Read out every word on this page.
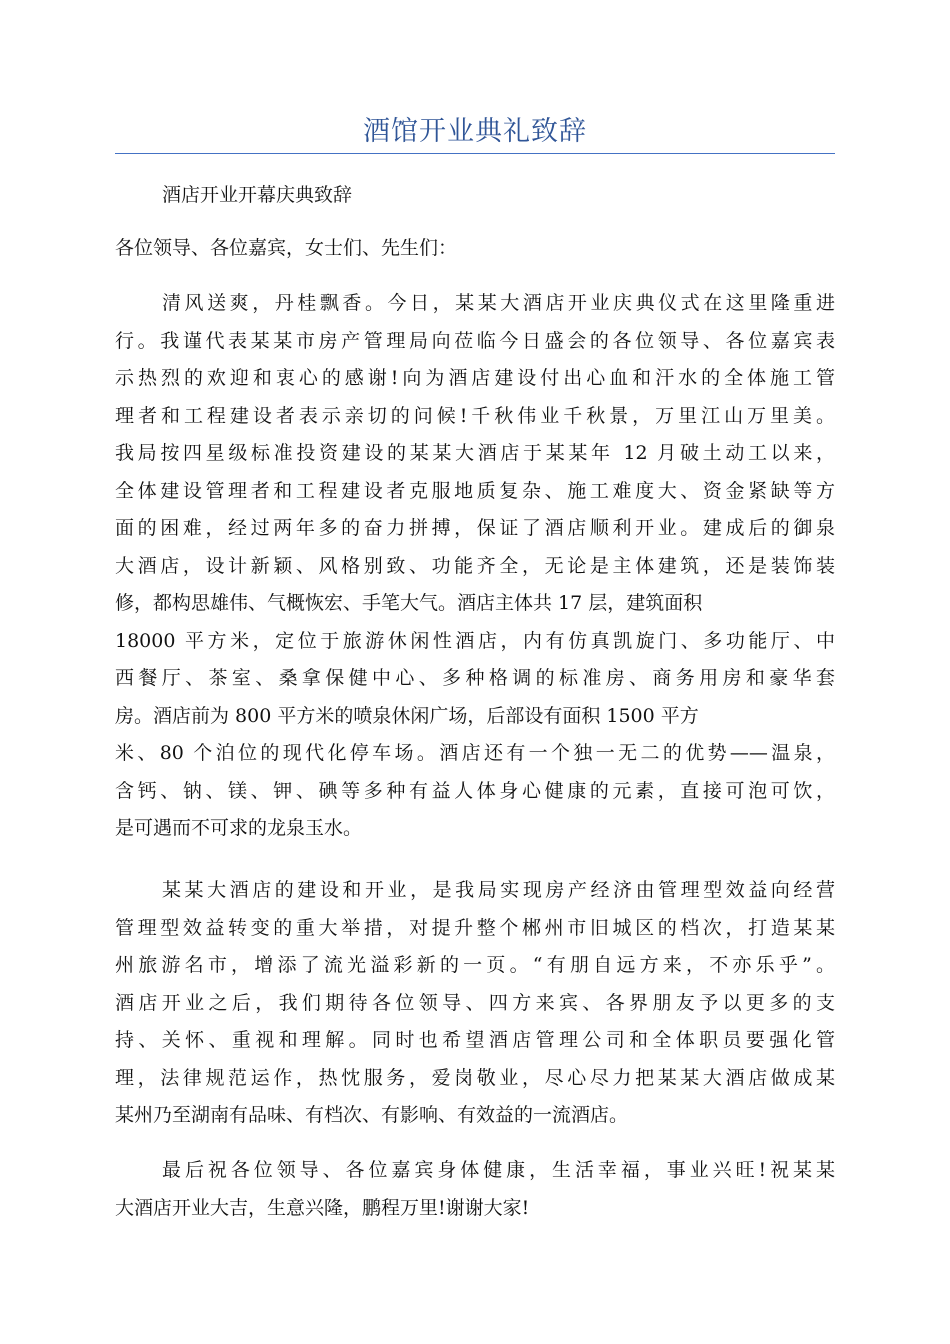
酒馆开业典礼致辞
酒店开业开幕庆典致辞
各位领导、各位嘉宾，女士们、先生们：
清风送爽，丹桂飘香。今日，某某大酒店开业庆典仪式在这里隆重进
行。我谨代表某某市房产管理局向莅临今日盛会的各位领导、各位嘉宾表
示热烈的欢迎和衷心的感谢!向为酒店建设付出心血和汗水的全体施工管
理者和工程建设者表示亲切的问候!千秋伟业千秋景，万里江山万里美。
我局按四星级标准投资建设的某某大酒店于某某年 12 月破土动工以来，
全体建设管理者和工程建设者克服地质复杂、施工难度大、资金紧缺等方
面的困难，经过两年多的奋力拼搏，保证了酒店顺利开业。建成后的御泉
大酒店，设计新颖、风格别致、功能齐全，无论是主体建筑，还是装饰装
修，都构思雄伟、气概恢宏、手笔大气。酒店主体共 17 层，建筑面积
18000 平方米，定位于旅游休闲性酒店，内有仿真凯旋门、多功能厅、中
西餐厅、茶室、桑拿保健中心、多种格调的标准房、商务用房和豪华套
房。酒店前为 800 平方米的喷泉休闲广场，后部设有面积 1500 平方
米、80 个泊位的现代化停车场。酒店还有一个独一无二的优势——温泉，
含钙、钠、镁、钾、碘等多种有益人体身心健康的元素，直接可泡可饮，
是可遇而不可求的龙泉玉水。
某某大酒店的建设和开业，是我局实现房产经济由管理型效益向经营
管理型效益转变的重大举措，对提升整个郴州市旧城区的档次，打造某某
州旅游名市，增添了流光溢彩新的一页。“有朋自远方来，不亦乐乎”。
酒店开业之后，我们期待各位领导、四方来宾、各界朋友予以更多的支
持、关怀、重视和理解。同时也希望酒店管理公司和全体职员要强化管
理，法律规范运作，热忱服务，爱岗敬业，尽心尽力把某某大酒店做成某
某州乃至湖南有品味、有档次、有影响、有效益的一流酒店。
最后祝各位领导、各位嘉宾身体健康，生活幸福，事业兴旺!祝某某
大酒店开业大吉，生意兴隆，鹏程万里!谢谢大家!
